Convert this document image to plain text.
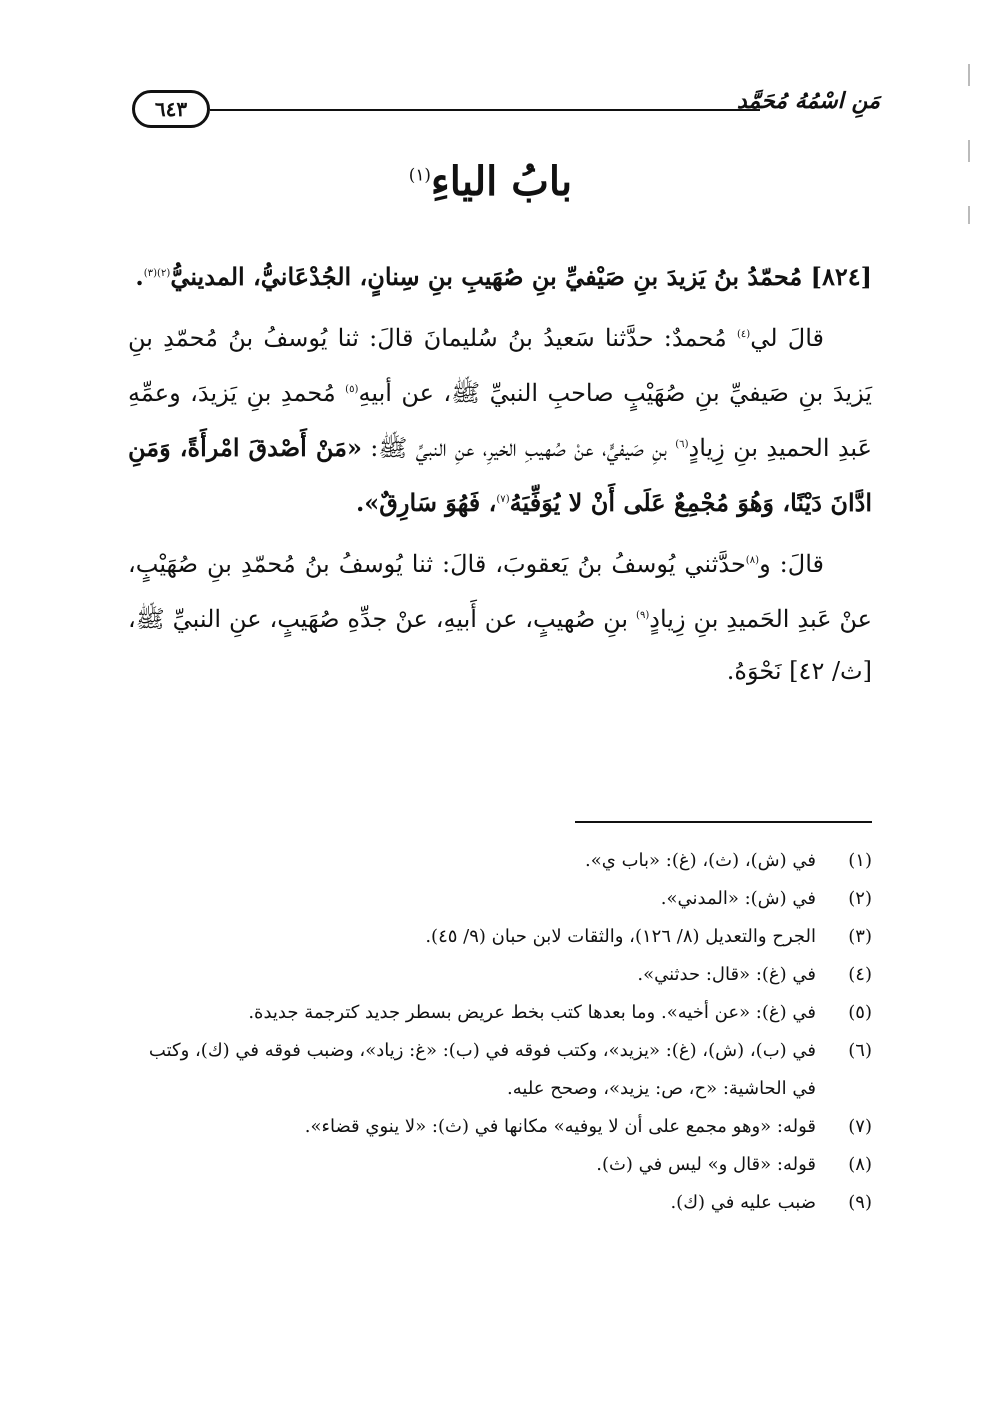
٦٤٣	مَنِ اسْمُهُ مُحَمَّد
بابُ الياءِ$^{(١)}$

[٨٢٤] مُحمّدُ بنُ يَزيدَ بنِ صَيْفيِّ بنِ صُهَيبِ بنِ سِنانٍ، الجُدْعَانيُّ، المدينيُّ$^{(٢)(٣)}$.

قالَ لي$^{(٤)}$ مُحمدٌ: حدَّثنا سَعيدُ بنُ سُليمانَ قالَ: ثنا يُوسفُ بنُ مُحمّدِ بنِ يَزيدَ بنِ صَيفيِّ بنِ صُهَيْبٍ صاحبِ النبيِّ ﷺ، عن أبيهِ$^{(٥)}$ مُحمدِ بنِ يَزيدَ، وعمِّهِ عَبدِ الحميدِ بنِ زِيادٍ$^{(٦)}$ بنِ صَيفيٍّ، عنْ صُهيبِ الخيرِ، عنِ النبيِّ ﷺ: «مَنْ أَصْدقَ امْرأَةً، وَمَنِ ادَّانَ دَيْنًا، وَهُوَ مُجْمِعٌ عَلَى أَنْ لا يُوَفِّيَهُ$^{(٧)}$، فَهُوَ سَارِقٌ».

قالَ: و$^{(٨)}$حدَّثني يُوسفُ بنُ يَعقوبَ، قالَ: ثنا يُوسفُ بنُ مُحمّدِ بنِ صُهَيْبٍ، عنْ عَبدِ الحَميدِ بنِ زِيادٍ$^{(٩)}$ بنِ صُهيبٍ، عن أَبيهِ، عنْ جدِّهِ صُهَيبٍ، عنِ النبيِّ ﷺ، [ث/ ٤٢] نَحْوَهُ.

(١)
في (ش)، (ث)، (غ): «باب ي».

(٢)
في (ش): «المدني».

(٣)
الجرح والتعديل (٨/ ١٢٦)، والثقات لابن حبان (٩/ ٤٥).

(٤)
في (غ): «قال: حدثني».

(٥)
في (غ): «عن أخيه». وما بعدها كتب بخط عريض بسطر جديد كترجمة جديدة.

(٦)
في (ب)، (ش)، (غ): «يزيد»، وكتب فوقه في (ب): «غ: زياد»، وضبب فوقه في (ك)، وكتب في الحاشية: «ح، ص: يزيد»، وصحح عليه.

(٧)
قوله: «وهو مجمع على أن لا يوفيه» مكانها في (ث): «لا ينوي قضاء».

(٨)
قوله: «قال و» ليس في (ث).

(٩)
ضبب عليه في (ك).
